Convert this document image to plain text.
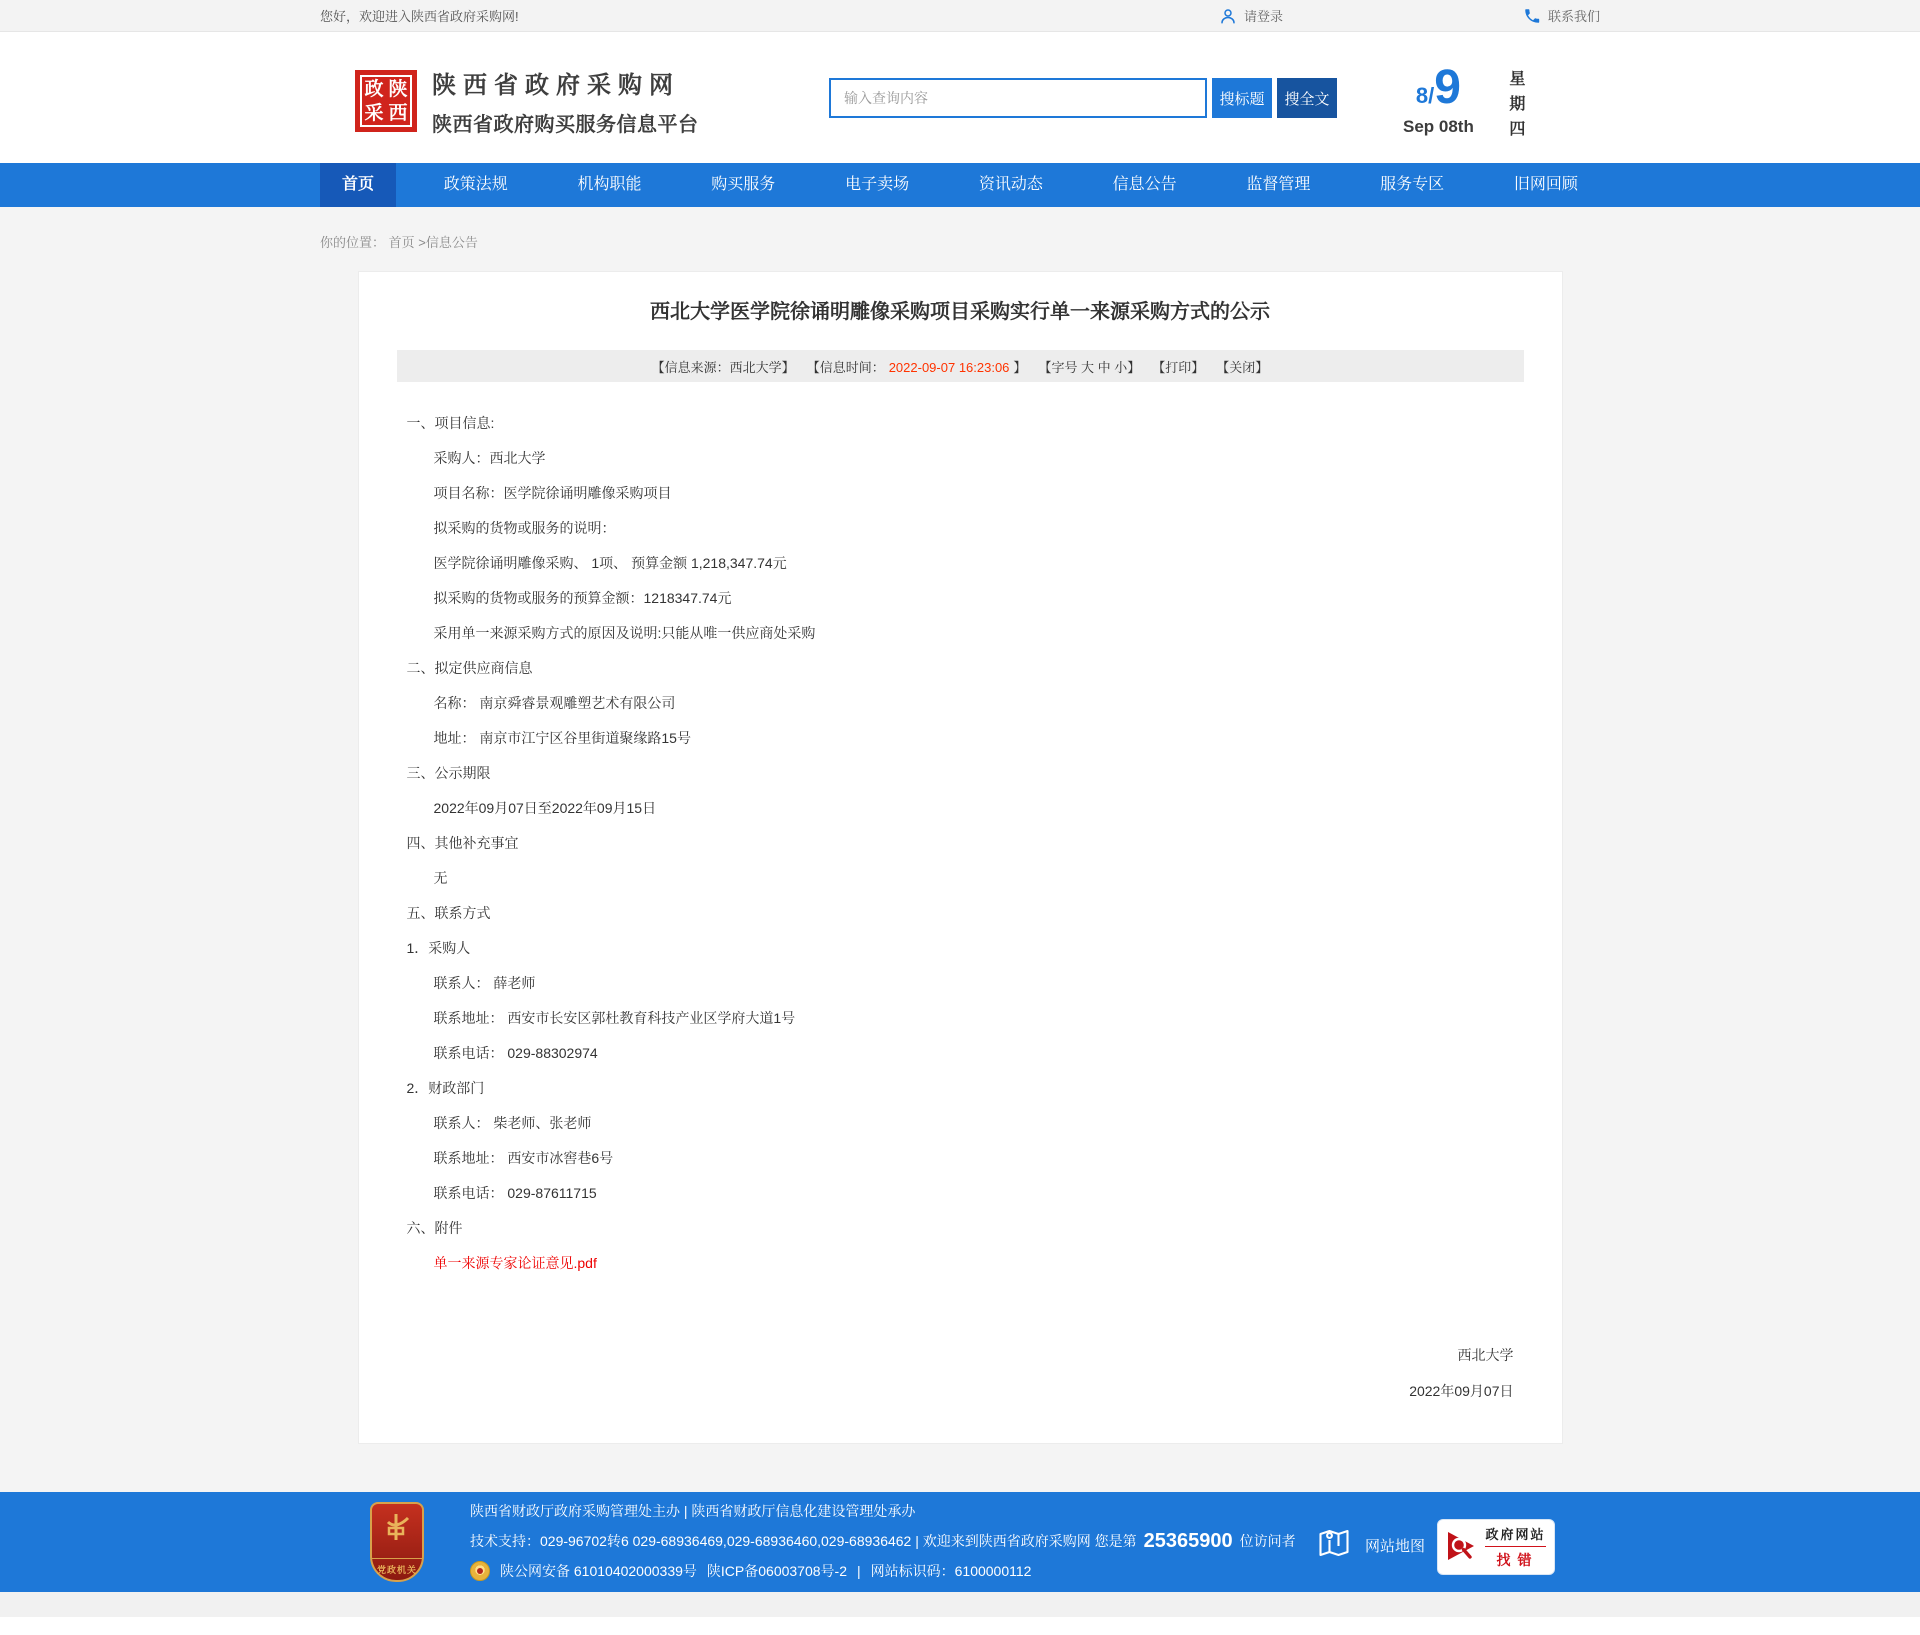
您好，欢迎进入陕西省政府采购网!	请登录	联系我们
政 陕
采 西
陕西省政府采购网
陕西省政府购买服务信息平台
输入查询内容
搜标题	搜全文	8/9
Sep 08th 星期四
首页	政策法规	机构职能	购买服务	电子卖场	资讯动态	信息公告	监督管理	服务专区	旧网回顾
你的位置： 首页 >信息公告
西北大学医学院徐诵明雕像采购项目采购实行单一来源采购方式的公示
【信息来源：西北大学】 【信息时间： 2022-09-07 16:23:06 】 【字号 大 中 小】 【打印】 【关闭】

一、项目信息:

采购人：西北大学

项目名称：医学院徐诵明雕像采购项目

拟采购的货物或服务的说明：

医学院徐诵明雕像采购、 1项、 预算金额 1,218,347.74元

拟采购的货物或服务的预算金额：1218347.74元

采用单一来源采购方式的原因及说明:只能从唯一供应商处采购

二、拟定供应商信息

名称： 南京舜睿景观雕塑艺术有限公司

地址： 南京市江宁区谷里街道聚缘路15号

三、公示期限

2022年09月07日至2022年09月15日

四、其他补充事宜

无

五、联系方式

1．采购人

联系人： 薛老师

联系地址： 西安市长安区郭杜教育科技产业区学府大道1号

联系电话： 029-88302974

2．财政部门

联系人： 柴老师、张老师

联系地址： 西安市冰窖巷6号

联系电话： 029-87611715

六、附件

单一来源专家论证意见.pdf

西北大学
2022年09月07日
党政机关
陕西省财政厅政府采购管理处主办 | 陕西省财政厅信息化建设管理处承办
技术支持：029-96702转6 029-68936469,029-68936460,029-68936462 | 欢迎来到陕西省政府采购网 您是第 25365900 位访问者
陕公网安备 61010402000339号 陕ICP备06003708号-2 | 网站标识码：6100000112
网站地图
政府网站
找错
